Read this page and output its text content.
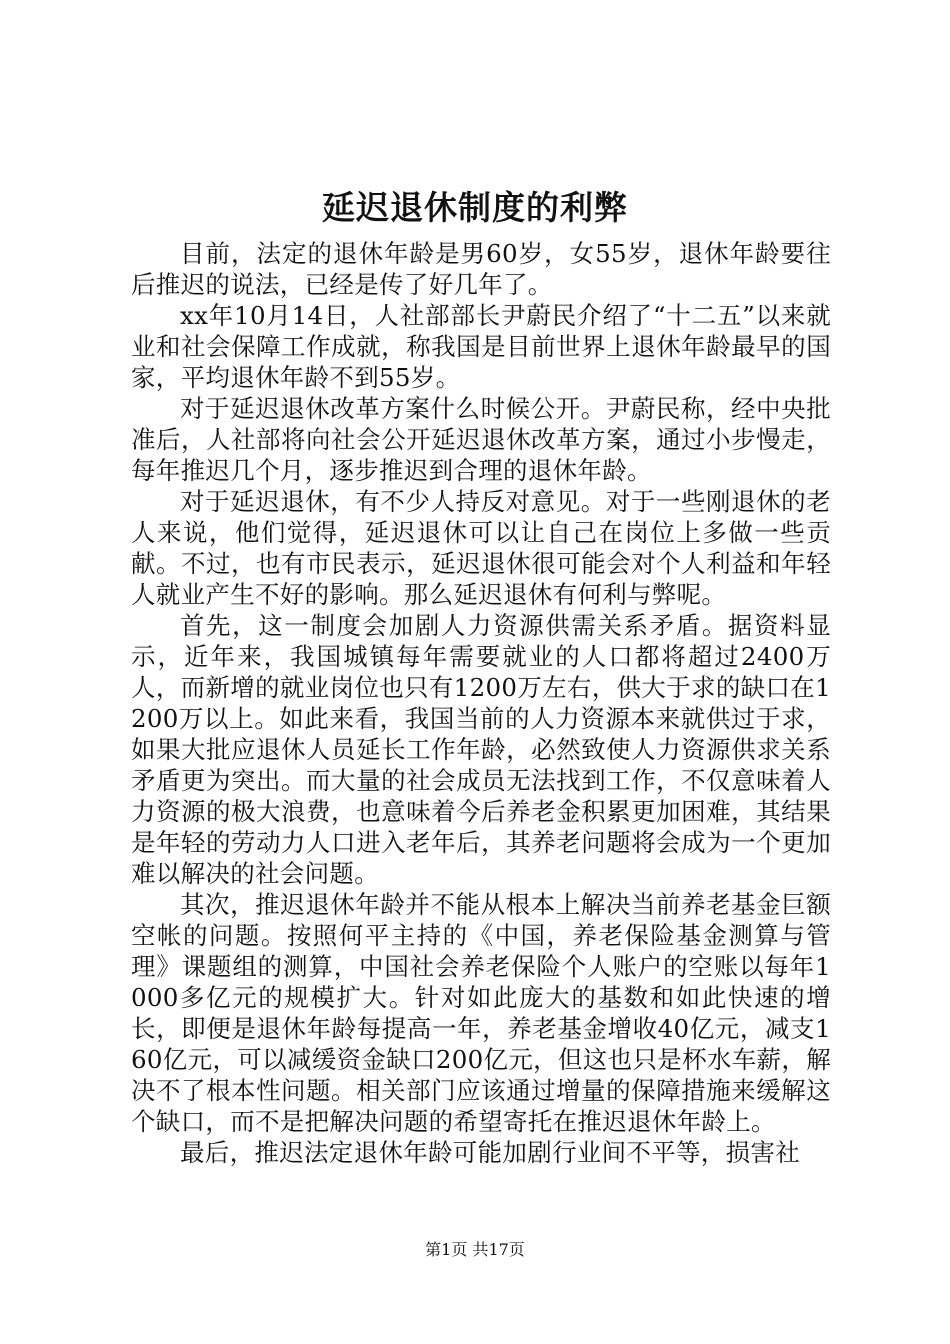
延迟退休制度的利弊

目前，法定的退休年龄是男60岁，女55岁，退休年龄要往后推迟的说法，已经是传了好几年了。

xx年10月14日，人社部部长尹蔚民介绍了“十二五”以来就业和社会保障工作成就，称我国是目前世界上退休年龄最早的国家，平均退休年龄不到55岁。

对于延迟退休改革方案什么时候公开。尹蔚民称，经中央批准后，人社部将向社会公开延迟退休改革方案，通过小步慢走，每年推迟几个月，逐步推迟到合理的退休年龄。

对于延迟退休，有不少人持反对意见。对于一些刚退休的老人来说，他们觉得，延迟退休可以让自己在岗位上多做一些贡献。不过，也有市民表示，延迟退休很可能会对个人利益和年轻人就业产生不好的影响。那么延迟退休有何利与弊呢。

首先，这一制度会加剧人力资源供需关系矛盾。据资料显示，近年来，我国城镇每年需要就业的人口都将超过2400万人，而新增的就业岗位也只有1200万左右，供大于求的缺口在1200万以上。如此来看，我国当前的人力资源本来就供过于求，如果大批应退休人员延长工作年龄，必然致使人力资源供求关系矛盾更为突出。而大量的社会成员无法找到工作，不仅意味着人力资源的极大浪费，也意味着今后养老金积累更加困难，其结果是年轻的劳动力人口进入老年后，其养老问题将会成为一个更加难以解决的社会问题。

其次，推迟退休年龄并不能从根本上解决当前养老基金巨额空帐的问题。按照何平主持的《中国，养老保险基金测算与管理》课题组的测算，中国社会养老保险个人账户的空账以每年1000多亿元的规模扩大。针对如此庞大的基数和如此快速的增长，即便是退休年龄每提高一年，养老基金增收40亿元，减支160亿元，可以减缓资金缺口200亿元，但这也只是杯水车薪，解决不了根本性问题。相关部门应该通过增量的保障措施来缓解这个缺口，而不是把解决问题的希望寄托在推迟退休年龄上。

最后，推迟法定退休年龄可能加剧行业间不平等，损害社

第1页 共17页
